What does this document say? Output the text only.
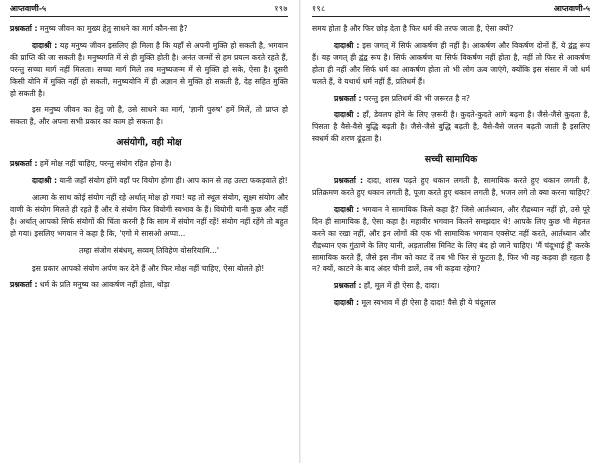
आप्तवाणी-५	१९७

प्रश्नकर्ता : मनुष्य जीवन का मुख्य हेतु साधने का मार्ग कौन-सा है?

दादाश्री : यह मनुष्य जीवन इसलिए ही मिला है कि यहाँ से अपनी मुक्ति हो सकती है, भगवान की प्राप्ति की जा सकती है। मनुष्यगति में से ही मुक्ति होती है। अनंत जन्मों से हम प्रयत्न करते रहते हैं, परन्तु सच्चा मार्ग नहीं मिलता। सच्चा मार्ग मिले तब मनुष्यजन्म में से मुक्ति हो सके, ऐसा है। दूसरी किसी योनि में मुक्ति नहीं हो सकती, मनुष्ययोनि में ही अज्ञान से मुक्ति हो सकती है, देह सहित मुक्ति हो सकती है।

इस मनुष्य जीवन का हेतु जो है, उसे साधने का मार्ग, 'ज्ञानी पुरुष' हमें मिलें, तो प्राप्त हो सकता है, और अपना सभी प्रकार का काम हो सकता है।

असंयोगी, वही मोक्ष

प्रश्नकर्ता : हमें मोक्ष नहीं चाहिए, परन्तु संयोग रहित होना है।

दादाश्री : यानी जहाँ संयोग होंगे वहाँ पर वियोग होगा ही। आप कान से तह उल्टा फकड़वाते हो!

आत्मा के साथ कोई संयोग नहीं रहे अर्थात् मोक्ष हो गया! यह तो स्थूल संयोग, सूक्ष्म संयोग और वाणी के संयोग मिलते ही रहते हैं और वे संयोग फिर वियोगी स्वभाव के हैं। वियोगी यानी कुछ और नहीं है। अर्थात् आपको सिर्फ संयोगों की चिंता करनी है कि साम में संयोग नहीं रहें! संयोग नहीं रहेंगे तो बहुत हो गया। इसलिए भगवान ने कहा है कि, 'एगो मे सासओ अप्पा...

तम्हा संजोग संबंधम्, सव्वम् तिविहेण वोसरियामि...'

इस प्रकार आपको संयोग अर्पण कर देने हैं और फिर मोक्ष नहीं चाहिए, ऐसा बोलते हो!

प्रश्नकर्ता : धर्म के प्रति मनुष्य का आकर्षण नहीं होता, थोड़ा

१९८	आप्तवाणी-५

समय होता है और फिर छोड़ देता है फिर धर्म की तरफ जाता है, ऐसा क्यों?

दादाश्री : इस जगत् में सिर्फ आकर्षण ही नहीं है। आकर्षण और विकर्षण दोनों हैं, ये द्वंद्व रूप हैं। यह जगत् ही द्वंद्व रूप है। सिर्फ आकर्षण या सिर्फ विकर्षण नहीं होता है, नहीं तो फिर से आकर्षण होता ही नहीं और सिर्फ धर्म का आकर्षण होता तो भी लोग ऊब जाएंगे, क्योंकि इस संसार में जो धर्म चलते हैं, वे यथार्थ धर्म नहीं हैं, प्रतिधर्म हैं।

प्रश्नकर्ता : परन्तु इस प्रतिधर्म की भी जरूरत है न?

दादाश्री : हाँ, डेवलप होने के लिए ज़रूरी है। कुदते-कुदते आगे बढ़ना है। जैसे-जैसे कुदता है, पिसता है वैसे-वैसे बुद्धि बढ़ती है। जैसे-जैसे बुद्धि बढ़ती है, वैसे-वैसे जलन बढ़ती जाती है इसलिए स्वधर्म की शरण ढूंढ़ता है।

सच्ची सामायिक

प्रश्नकर्ता : दादा, शास्त्र पढ़ते हुए थकान लगती है, सामायिक करते हुए थकान लगती है, प्रतिक्रमण करते हुए थकान लगती है, पूजा करते हुए थकान लगती है, भजन लगे तो क्या करना चाहिए?

दादाश्री : भगवान ने सामायिक किसे कहा है? जिसे आर्तध्यान, और रौद्रध्यान नहीं हो, उसे पूरे दिन ही सामायिक है, ऐसा कहा है। महावीर भगवान कितने समझदार थे! आपके लिए कुछ भी मेहनत करने का रखा नहीं, और इन लोगों की एक भी सामायिक भगवान एक्सेप्ट नहीं करते, आर्तध्यान और रौद्रध्यान एक गुंठाणे के लिए यानी, अड़तालीस मिनिट के लिए बंद हो जाने चाहिए। 'मैं चंदूभाई हूँ' करके सामायिक करते हैं, जैसे इस नीम को काट दें तब भी फिर से फूटता है, फिर भी वह कड़वा ही रहता है न? क्यों, काटने के बाद अंदर चीनी डालें, तब भी कड़वा रहेगा?

प्रश्नकर्ता : हाँ, मूल में ही ऐसा है, दादा।

दादाश्री : मूल स्वभाव में ही ऐसा है दादा! वैसे ही ये चंदूलाल
